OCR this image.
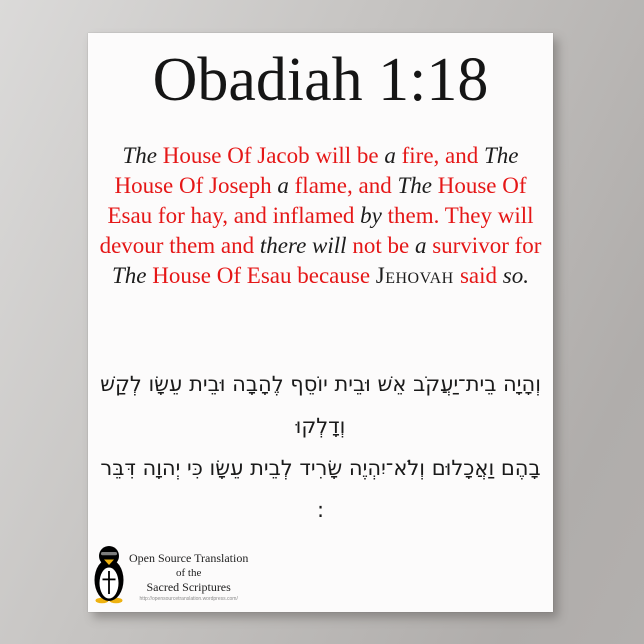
Obadiah 1:18
The House Of Jacob will be a fire, and The House Of Joseph a flame, and The House Of Esau for hay, and inflamed by them. They will devour them and there will not be a survivor for The House Of Esau because Jehovah said so.
וְהָיָה בֵית־יַעֲקֹב אֵשׁ וּבֵית יוֹסֵף לֶהָבָה וּבֵית עֵשָׂו לְקַשׁ וְדָלְקוּ
בָהֶם וַאֲכָלוּם וְלֹא־יִהְיֶה שָׂרִיד לְבֵית עֵשָׂו כִּי יְהוָה דִּבֵּר :
Open Source Translation
of the
Sacred Scriptures
http://opensourcetranslation.wordpress.com/
